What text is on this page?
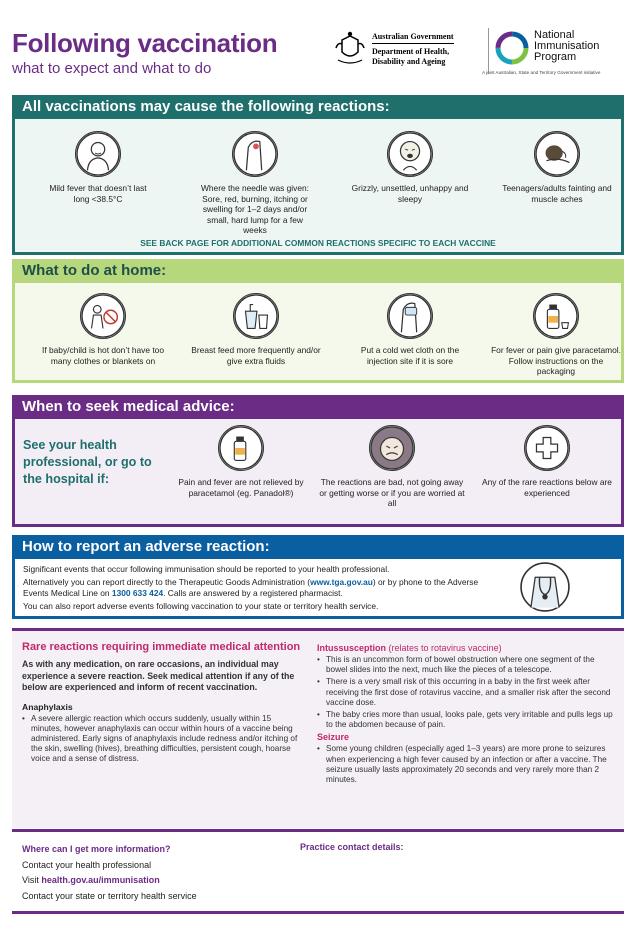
Following vaccination
what to expect and what to do
Australian Government
Department of Health,
Disability and Ageing
National
Immunisation
Program
A joint Australian, State and Territory Government initiative
All vaccinations may cause the following reactions:
Mild fever that doesn’t last long <38.5°C
Where the needle was given: Sore, red, burning, itching or swelling for 1–2 days and/or small, hard lump for a few weeks
Grizzly, unsettled, unhappy and sleepy
Teenagers/adults fainting and muscle aches
SEE BACK PAGE FOR ADDITIONAL COMMON REACTIONS SPECIFIC TO EACH VACCINE
What to do at home:
If baby/child is hot don’t have too many clothes or blankets on
Breast feed more frequently and/or give extra fluids
Put a cold wet cloth on the injection site if it is sore
For fever or pain give paracetamol. Follow instructions on the packaging
When to seek medical advice:
See your health professional, or go to the hospital if:	Pain and fever are not relieved by paracetamol (eg. Panadol®)
The reactions are bad, not going away or getting worse or if you are worried at all
Any of the rare reactions below are experienced
How to report an adverse reaction:

Significant events that occur following immunisation should be reported to your health professional.

Alternatively you can report directly to the Therapeutic Goods Administration (www.tga.gov.au) or by phone to the Adverse Events Medical Line on 1300 633 424. Calls are answered by a registered pharmacist.

You can also report adverse events following vaccination to your state or territory health service.

Rare reactions requiring immediate medical attention
As with any medication, on rare occasions, an individual may experience a severe reaction. Seek medical attention if any of the below are experienced and inform of recent vaccination.
Anaphylaxis
• A severe allergic reaction which occurs suddenly, usually within 15 minutes, however anaphylaxis can occur within hours of a vaccine being administered. Early signs of anaphylaxis include redness and/or itching of the skin, swelling (hives), breathing difficulties, persistent cough, hoarse voice and a sense of distress.
Intussusception (relates to rotavirus vaccine)
• This is an uncommon form of bowel obstruction where one segment of the bowel slides into the next, much like the pieces of a telescope.
• There is a very small risk of this occurring in a baby in the first week after receiving the first dose of rotavirus vaccine, and a smaller risk after the second vaccine dose.
• The baby cries more than usual, looks pale, gets very irritable and pulls legs up to the abdomen because of pain.
Seizure
• Some young children (especially aged 1–3 years) are more prone to seizures when experiencing a high fever caused by an infection or after a vaccine. The seizure usually lasts approximately 20 seconds and very rarely more than 2 minutes.
Where can I get more information?
Contact your health professional
Visit health.gov.au/immunisation
Contact your state or territory health service
Practice contact details:
